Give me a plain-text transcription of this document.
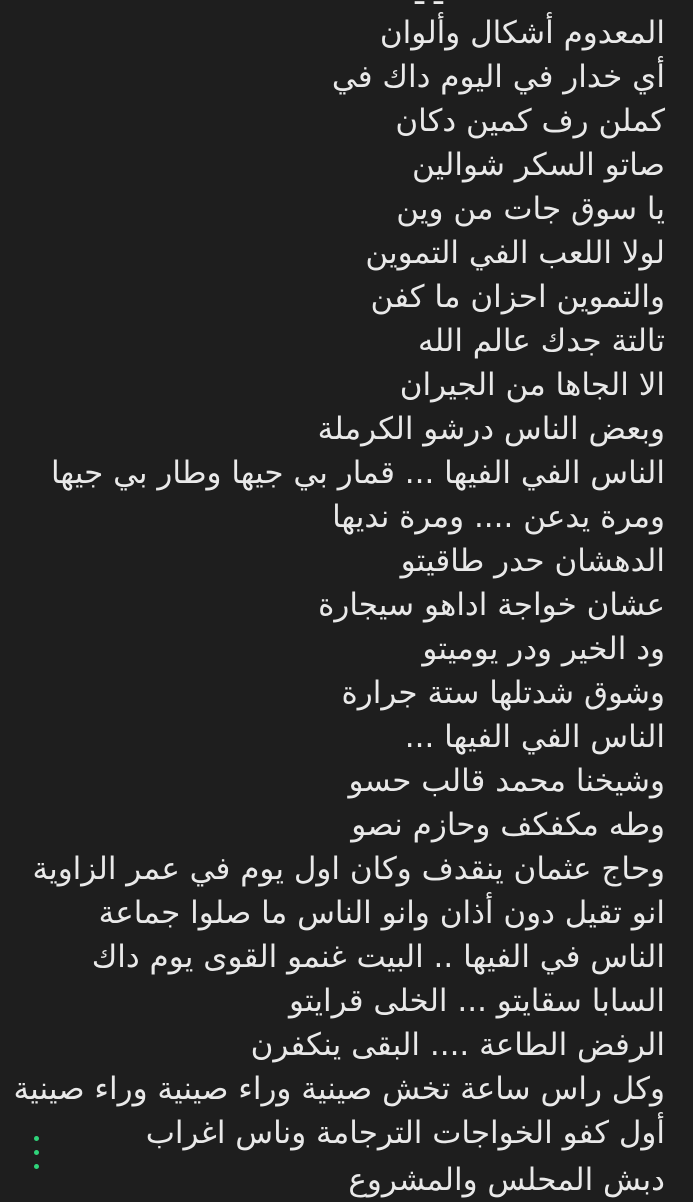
المعدوم أشكال وألوان
أي خدار في اليوم داك في
كملن رف كمين دكان
صاتو السكر شوالين
يا سوق جات من وين
لولا اللعب الفي التموين
والتموين احزان ما كفن
تالتة جدك عالم الله
الا الجاها من الجيران
وبعض الناس درشو الكرملة
الناس الفي الفيها ... قمار بي جيها وطار بي جيها
ومرة يدعن .... ومرة نديها
الدهشان حدر طاقيتو
عشان خواجة اداهو سيجارة
ود الخير ودر يوميتو
وشوق شدتلها ستة جرارة
الناس الفي الفيها ...
وشيخنا محمد قالب حسو
وطه مكفكف وحازم نصو
وحاج عثمان ينقدف وكان اول يوم في عمر الزاوية
انو تقيل دون أذان وانو الناس ما صلوا جماعة
الناس في الفيها .. البيت غنمو القوى يوم داك
السابا سقايتو ... الخلى قرايتو
الرفض الطاعة .... البقى ينكفرن
وكل راس ساعة تخش صينية وراء صينية وراء صينية
أول كفو الخواجات الترجامة وناس اغراب
دبش المحلس والمشروع
